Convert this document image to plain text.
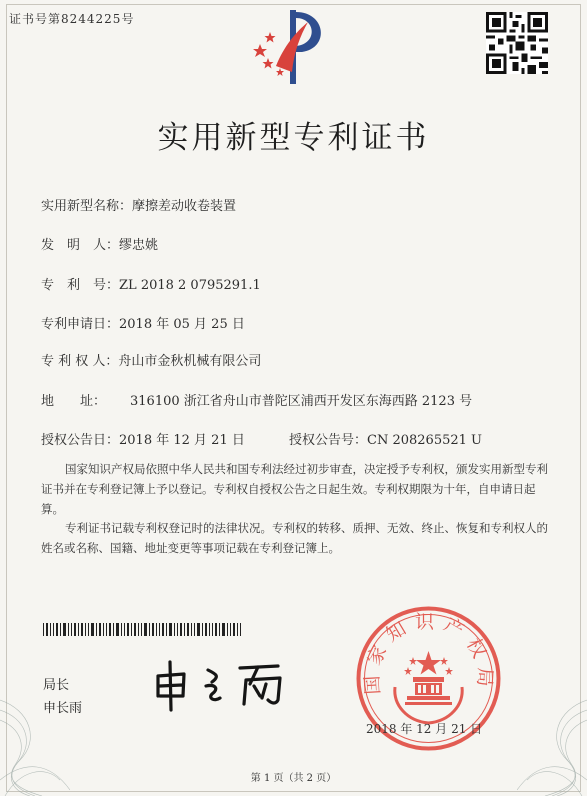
证书号第8244225号
实用新型专利证书
实用新型名称：摩擦差动收卷装置
发　明　人：缪忠姚
专　利　号：ZL 2018 2 0795291.1
专利申请日：2018 年 05 月 25 日
专 利 权 人：舟山市金秋机械有限公司
地　　址： 316100 浙江省舟山市普陀区浦西开发区东海西路 2123 号
授权公告日：2018 年 12 月 21 日	授权公告号：CN 208265521 U
国家知识产权局依照中华人民共和国专利法经过初步审查，决定授予专利权，颁发实用新型专利证书并在专利登记簿上予以登记。专利权自授权公告之日起生效。专利权期限为十年，自申请日起算。
专利证书记载专利权登记时的法律状况。专利权的转移、质押、无效、终止、恢复和专利权人的姓名或名称、国籍、地址变更等事项记载在专利登记簿上。
局长
申长雨
国家知识产权局
2018 年 12 月 21 日
第 1 页（共 2 页）
